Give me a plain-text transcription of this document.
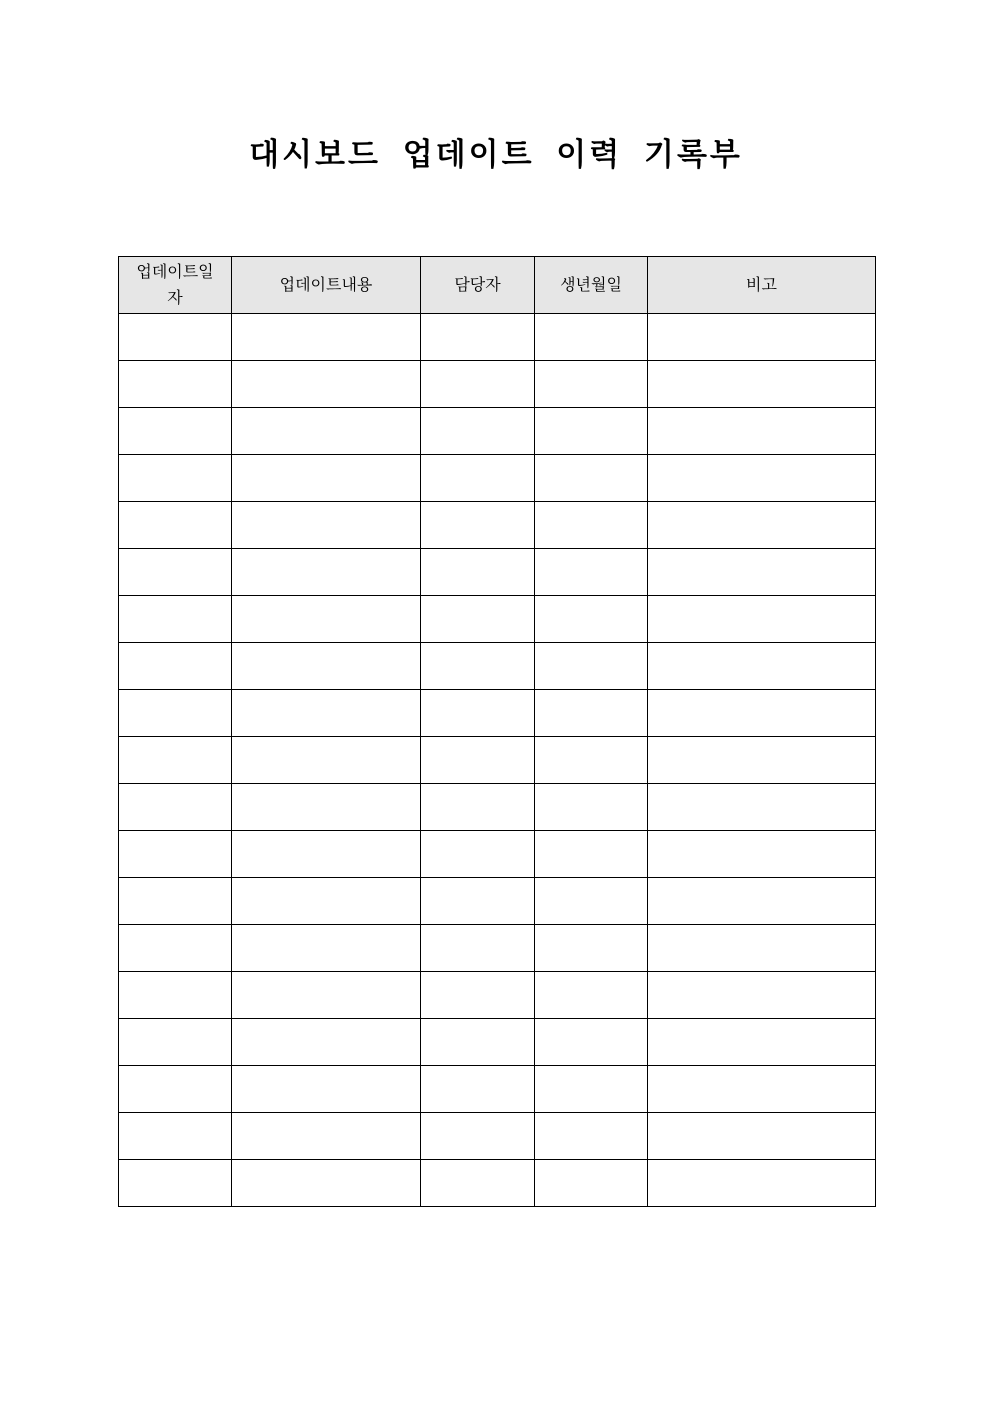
대시보드 업데이트 이력 기록부
업데이트일자	업데이트내용	담당자	생년월일	비고
